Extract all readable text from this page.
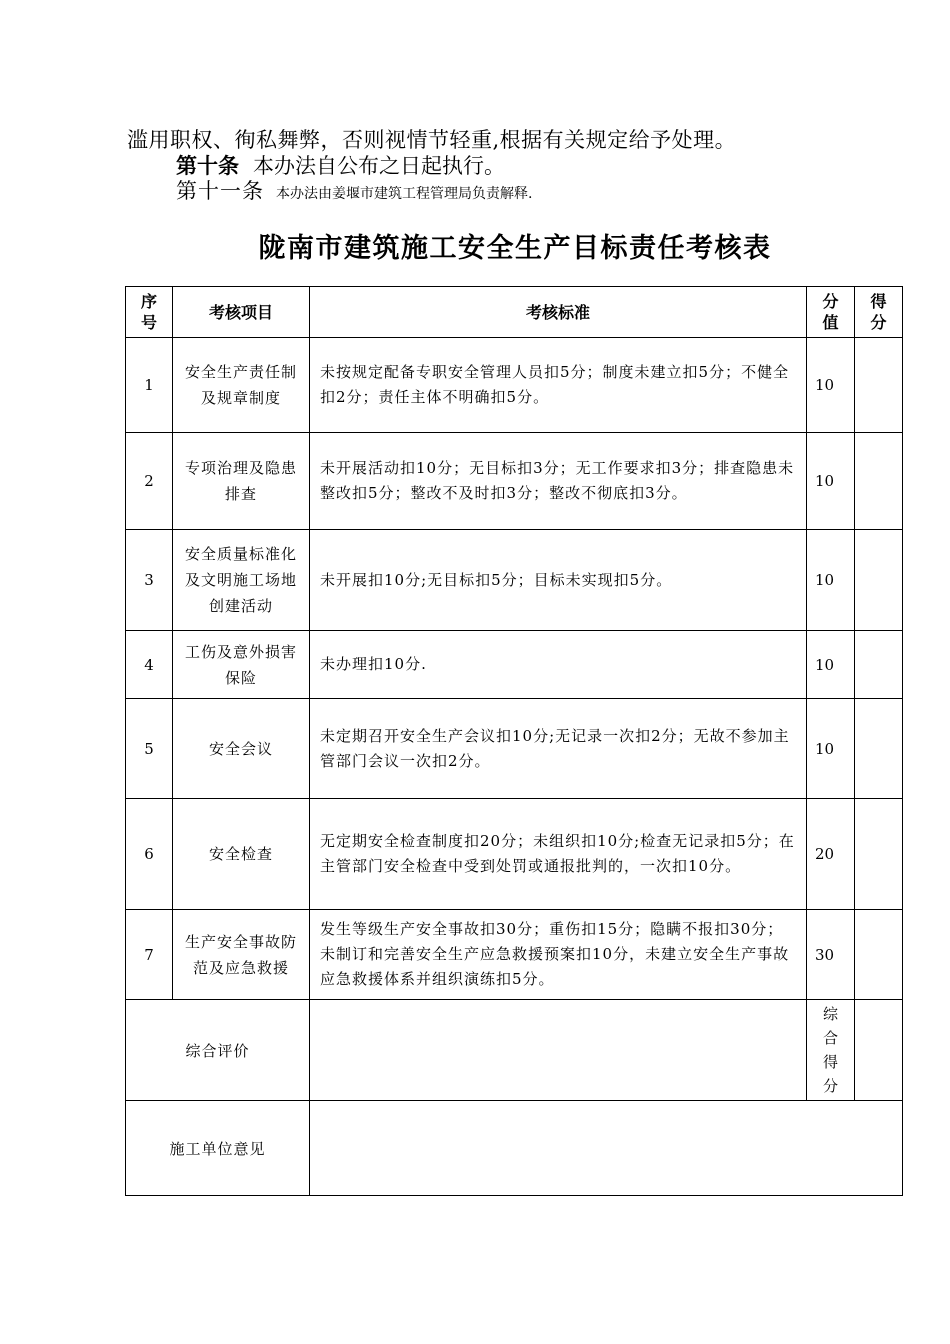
滥用职权、徇私舞弊，否则视情节轻重,根据有关规定给予处理。
第十条 本办法自公布之日起执行。
第十一条 本办法由姜堰市建筑工程管理局负责解释.
陇南市建筑施工安全生产目标责任考核表
序号	考核项目	考核标准	分值	得分

1	安全生产责任制及规章制度	未按规定配备专职安全管理人员扣5分；制度未建立扣5分；不健全扣2分；责任主体不明确扣5分。	10	
2	专项治理及隐患排查	未开展活动扣10分；无目标扣3分；无工作要求扣3分；排查隐患未整改扣5分；整改不及时扣3分；整改不彻底扣3分。	10	
3	安全质量标准化及文明施工场地创建活动	未开展扣10分;无目标扣5分；目标未实现扣5分。	10	
4	工伤及意外损害保险	未办理扣10分.	10	
5	安全会议	未定期召开安全生产会议扣10分;无记录一次扣2分；无故不参加主管部门会议一次扣2分。	10	
6	安全检查	无定期安全检查制度扣20分；未组织扣10分;检查无记录扣5分；在主管部门安全检查中受到处罚或通报批判的，一次扣10分。	20	
7	生产安全事故防范及应急救援	发生等级生产安全事故扣30分；重伤扣15分；隐瞒不报扣30分；未制订和完善安全生产应急救援预案扣10分，未建立安全生产事故应急救援体系并组织演练扣5分。	30	
综合评价			综合得分	

施工单位意见				
